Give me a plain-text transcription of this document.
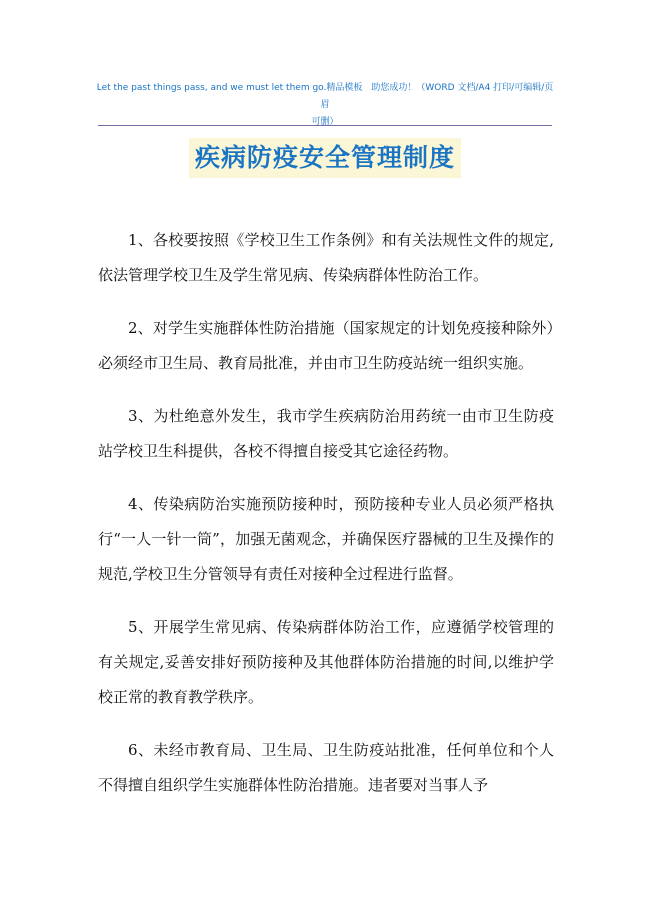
Let the past things pass, and we must let them go.精品模板　助您成功！（WORD 文档/A4 打印/可编辑/页眉
可删）
疾病防疫安全管理制度

1、各校要按照《学校卫生工作条例》和有关法规性文件的规定,依法管理学校卫生及学生常见病、传染病群体性防治工作。

2、对学生实施群体性防治措施（国家规定的计划免疫接种除外）必须经市卫生局、教育局批准，并由市卫生防疫站统一组织实施。

3、为杜绝意外发生，我市学生疾病防治用药统一由市卫生防疫站学校卫生科提供，各校不得擅自接受其它途径药物。

4、传染病防治实施预防接种时，预防接种专业人员必须严格执行“一人一针一筒”，加强无菌观念，并确保医疗器械的卫生及操作的规范,学校卫生分管领导有责任对接种全过程进行监督。

5、开展学生常见病、传染病群体防治工作，应遵循学校管理的有关规定,妥善安排好预防接种及其他群体防治措施的时间,以维护学校正常的教育教学秩序。

6、未经市教育局、卫生局、卫生防疫站批准，任何单位和个人不得擅自组织学生实施群体性防治措施。违者要对当事人予
